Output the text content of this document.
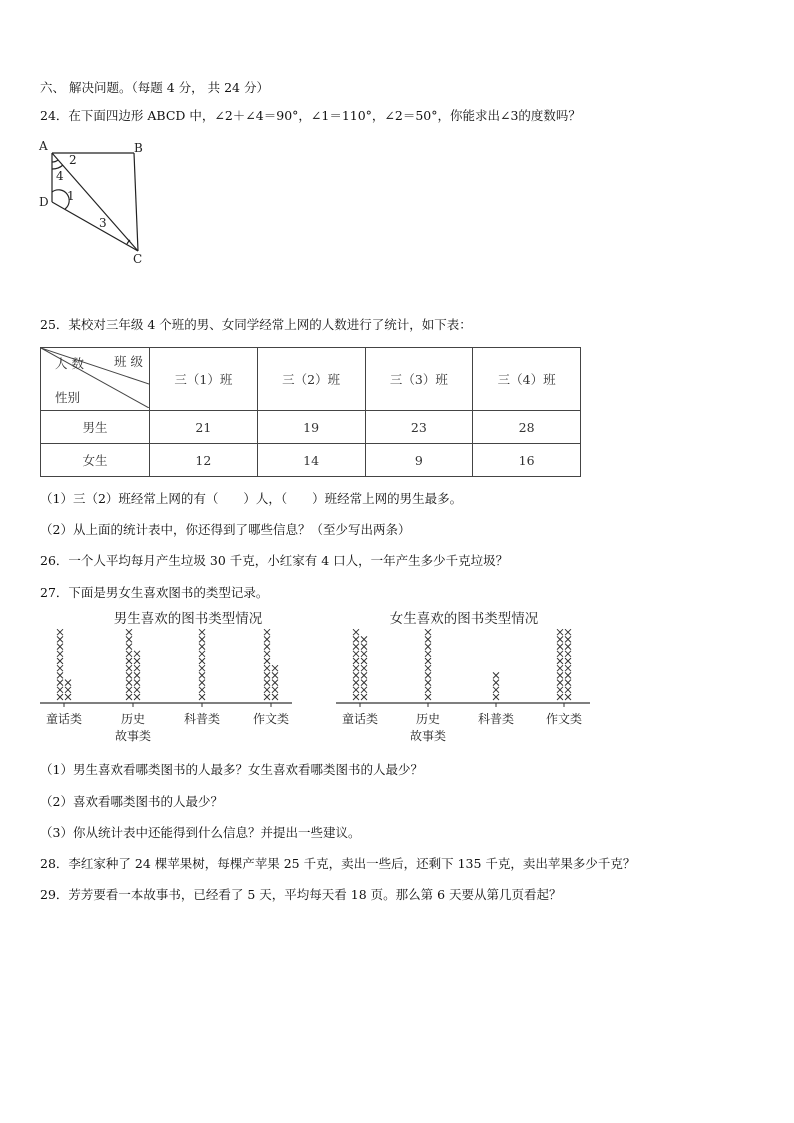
六、 解决问题。（每题 4 分， 共 24 分）
24．在下面四边形 ABCD 中，∠2＋∠4＝90°，∠1＝110°，∠2＝50°，你能求出∠3的度数吗？
A	B
C
D 1
2
3
4
25．某校对三年级 4 个班的男、女同学经常上网的人数进行了统计，如下表：
班 级
人 数
性别	三（1）班	三（2）班	三（3）班	三（4）班
男生	21	19	23	28
女生	12	14	9	16
（1）三（2）班经常上网的有（　　）人，（　　）班经常上网的男生最多。
（2）从上面的统计表中，你还得到了哪些信息？（至少写出两条）
26．一个人平均每月产生垃圾 30 千克，小红家有 4 口人，一年产生多少千克垃圾？
27．下面是男女生喜欢图书的类型记录。
男生喜欢的图书类型情况
童话类	历史
故事类
科普类	作文类
女生喜欢的图书类型情况
童话类	历史
故事类
科普类	作文类
（1）男生喜欢看哪类图书的人最多？女生喜欢看哪类图书的人最少？
（2）喜欢看哪类图书的人最少？
（3）你从统计表中还能得到什么信息？并提出一些建议。
28．李红家种了 24 棵苹果树，每棵产苹果 25 千克，卖出一些后，还剩下 135 千克，卖出苹果多少千克？
29．芳芳要看一本故事书，已经看了 5 天，平均每天看 18 页。那么第 6 天要从第几页看起？
